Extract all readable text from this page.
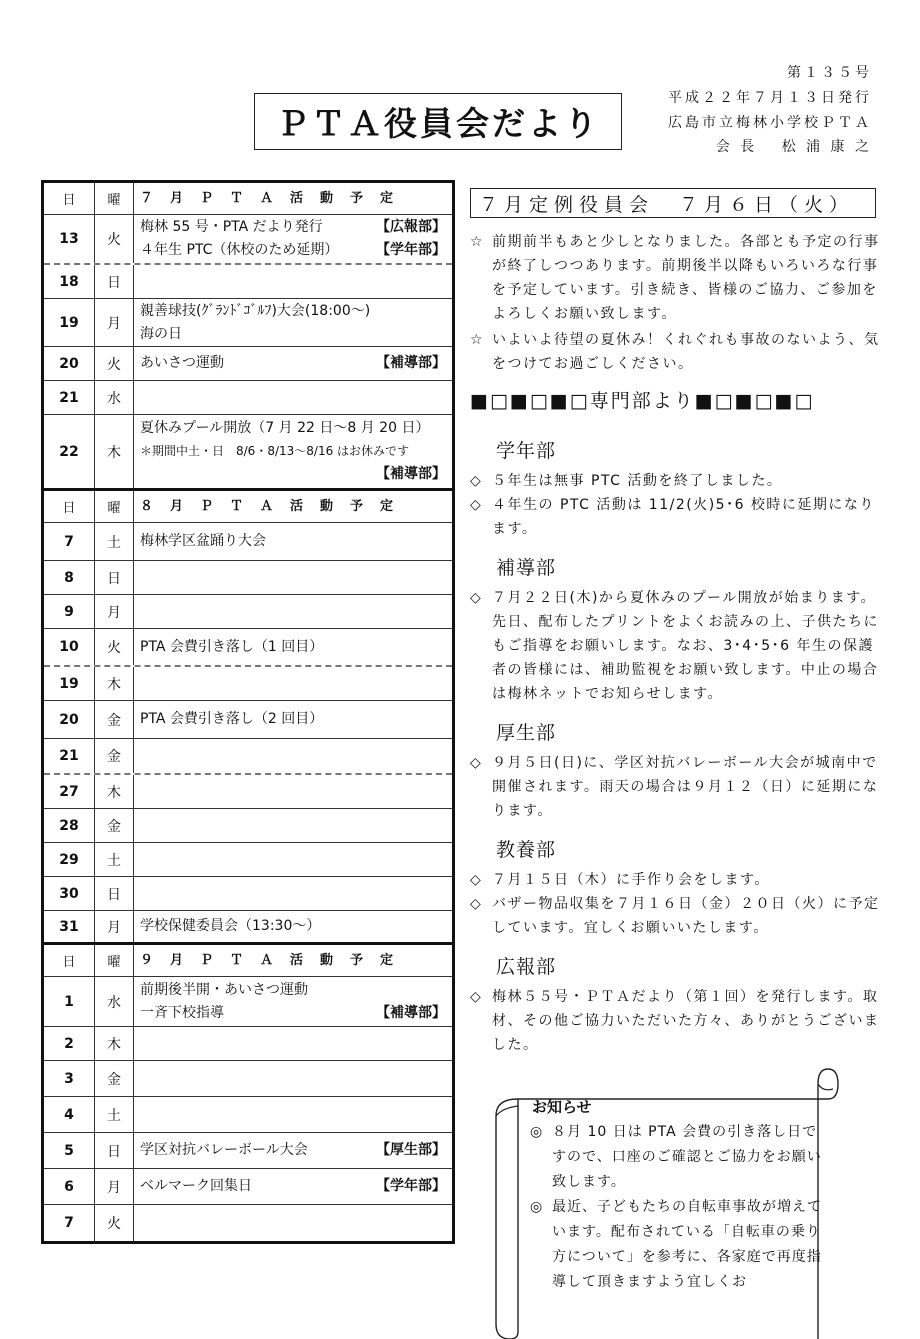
ＰＴＡ役員会だより
第１３５号
平成２２年７月１３日発行
広島市立梅林小学校ＰＴＡ
会 長　 松 浦 康 之
日	曜	７　月　Ｐ　Ｔ　Ａ　活　動　予　定
13	火
梅林 55 号・PTA だより発行	【広報部】
４年生 PTC（休校のため延期）	【学年部】
18	日
19	月
親善球技(ｸﾞﾗﾝﾄﾞｺﾞﾙﾌ)大会(18:00～)
海の日
20	火	あいさつ運動	【補導部】
21	水
22	木
夏休みプール開放（7 月 22 日～8 月 20 日）
＊期間中土・日　8/6・8/13～8/16 はお休みです
【補導部】
日	曜	８　月　Ｐ　Ｔ　Ａ　活　動　予　定
7	土	梅林学区盆踊り大会
8	日
9	月
10	火	PTA 会費引き落し（1 回目）
19	木
20	金	PTA 会費引き落し（2 回目）
21	金
27	木
28	金
29	土
30	日
31	月	学校保健委員会（13:30～）
日	曜	９　月　Ｐ　Ｔ　Ａ　活　動　予　定
1	水
前期後半開・あいさつ運動
一斉下校指導	【補導部】
2	木
3	金
4	土
5	日	学区対抗バレーボール大会	【厚生部】
6	月	ベルマーク回集日	【学年部】
7	火
７月定例役員会　７月６日（火）
☆ 前期前半もあと少しとなりました。各部とも予定の行事が終了しつつあります。前期後半以降もいろいろな行事を予定しています。引き続き、皆様のご協力、ご参加をよろしくお願い致します。
☆ いよいよ待望の夏休み！くれぐれも事故のないよう、気をつけてお過ごしください。
■□■□■□専門部より■□■□■□
学年部
◇ ５年生は無事 PTC 活動を終了しました。
◇ ４年生の PTC 活動は 11/2(火)5･6 校時に延期になります。
補導部
◇ ７月２２日(木)から夏休みのプール開放が始まります。先日、配布したプリントをよくお読みの上、子供たちにもご指導をお願いします。なお、3･4･5･6 年生の保護者の皆様には、補助監視をお願い致します。中止の場合は梅林ネットでお知らせします。
厚生部
◇ ９月５日(日)に、学区対抗バレーボール大会が城南中で開催されます。雨天の場合は９月１２（日）に延期になります。
教養部
◇ ７月１５日（木）に手作り会をします。
◇ バザー物品収集を７月１６日（金）２０日（火）に予定しています。宜しくお願いいたします。
広報部
◇ 梅林５５号・ＰＴＡだより（第１回）を発行します。取材、その他ご協力いただいた方々、ありがとうございました。
お知らせ
◎ ８月 10 日は PTA 会費の引き落し日ですので、口座のご確認とご協力をお願い致します。
◎ 最近、子どもたちの自転車事故が増えています。配布されている「自転車の乗り方について」を参考に、各家庭で再度指導して頂きますよう宜しくお
